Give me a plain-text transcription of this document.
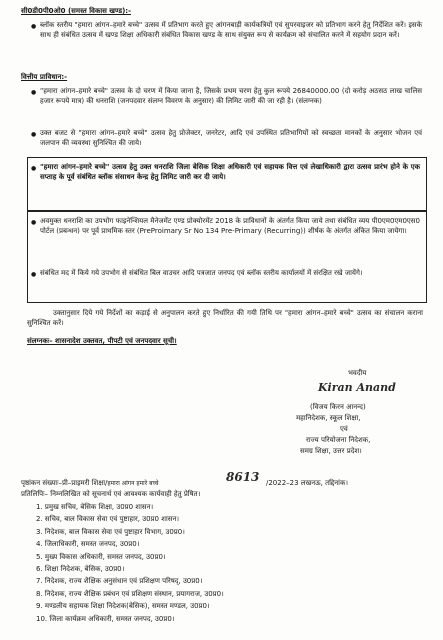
सी0डी0पी0ओ0 (समस्त विकास खण्ड):-
● ब्लॉक स्तरीय "हमारा आंगन–हमारे बच्चे" उत्सव में प्रतिभाग करते हुए आंगनबाड़ी कार्यकत्रियों एवं सुपरवाइजर को प्रतिभाग करने हेतु निर्देशित करें। इसके साथ ही संबंधित उत्सव में खण्ड शिक्षा अधिकारी संबंधित विकास खण्ड के साथ संयुक्त रूप से कार्यक्रम को संचालित करने में सहयोग प्रदान करें।
वित्तीय प्राविधान:-
● "हमारा आंगन–हमारे बच्चे" उत्सव के दो चरण में किया जाना है, जिसके प्रथम चरण हेतु कुल रूपये 26840000.00 (दो करोड़ अठसठ लाख चालिस हजार रूपये मात्र) की धनराशि (जनपदवार संलग्न विवरण के अनुसार) की लिमिट जारी की जा रही है। (संलग्नक)
● उक्त बजट से "हमारा आंगन–हमारे बच्चे" उत्सव हेतु प्रोजेक्टर, जनरेटर, आदि एवं उपस्थित प्रतिभागियों को स्वच्छता मानकों के अनुसार भोजन एवं जलपान की व्यवस्था सुनिश्चित की जाये।
● "हमारा आंगन–हमारे बच्चे" उत्सव हेतु उक्त धनराशि जिला बेसिक शिक्षा अधिकारी एवं सहायक वित्त एवं लेखाधिकारी द्वारा उत्सव प्रारंभ होने के एक सप्ताह के पूर्व संबंधित ब्लॉक संसाधन केन्द्र हेतु लिमिट जारी कर दी जाये।
● अवमुक्त धनराशि का उपभोग फाइनेन्शियल मैनेजमेंट एण्ड प्रोक्योरमेंट 2018 के प्राविधानों के अंतर्गत किया जाये तथा संबंधित व्यय पी0एम0एम0एस0 पोर्टल (प्रबन्धन) पर पूर्व प्राथमिक स्तर (PreProimary Sr No 134 Pre-Primary (Recurring)) शीर्षक के अंतर्गत अंकित किया जायेगा।
● संबंधित मद में किये गये उपभोग से संबंधित बिल वाउचर आदि पत्रजात जनपद एवं ब्लॉक स्तरीय कार्यालयों में संरक्षित रखे जायेंगे।
उक्तानुसार दिये गये निर्देशों का कड़ाई से अनुपालन करते हुए निर्धारित की गयी तिथि पर "हमारा आंगन–हमारे बच्चे" उत्सव का संचालन कराना सुनिश्चित करें।
संलग्नकः– शासनादेश उक्तवत, पीपटी एवं जनपदवार सूची।
भवदीय
Kiran Anand
(विजय किरन आनन्द)
महानिदेशक, स्कूल शिक्षा,
एवं
राज्य परियोजना निदेशक,
समग्र शिक्षा, उत्तर प्रदेश।
पृष्ठांकन संख्याः–प्री–प्राइमरी शिक्षा/हमारा आंगन हमारे बच्चे	8613 /2022–23 लखनऊ, तद्दिनांक।
प्रतिलिपिः– निम्नलिखित को सूचनार्थ एवं आवश्यक कार्यवाही हेतु प्रेषित।
1. प्रमुख सचिव, बेसिक शिक्षा, उ0प्र0 शासन।
2. सचिव, बाल विकास सेवा एवं पुष्टाहार, उ0प्र0 शासन।
3. निदेशक, बाल विकास सेवा एवं पुष्टाहार विभाग, उ0प्र0।
4. जिलाधिकारी, समस्त जनपद, उ0प्र0।
5. मुख्य विकास अधिकारी, समस्त जनपद, उ0प्र0।
6. शिक्षा निदेशक, बेसिक, उ0प्र0।
7. निदेशक, राज्य शैक्षिक अनुसंधान एवं प्रशिक्षण परिषद्, उ0प्र0।
8. निदेशक, राज्य शैक्षिक प्रबंधन एवं प्रशिक्षण संस्थान, प्रयागराज, उ0प्र0।
9. मण्डलीय सहायक शिक्षा निदेशक(बेसिक), समस्त मण्डल, उ0प्र0।
10. जिला कार्यक्रम अधिकारी, समस्त जनपद, उ0प्र0।
